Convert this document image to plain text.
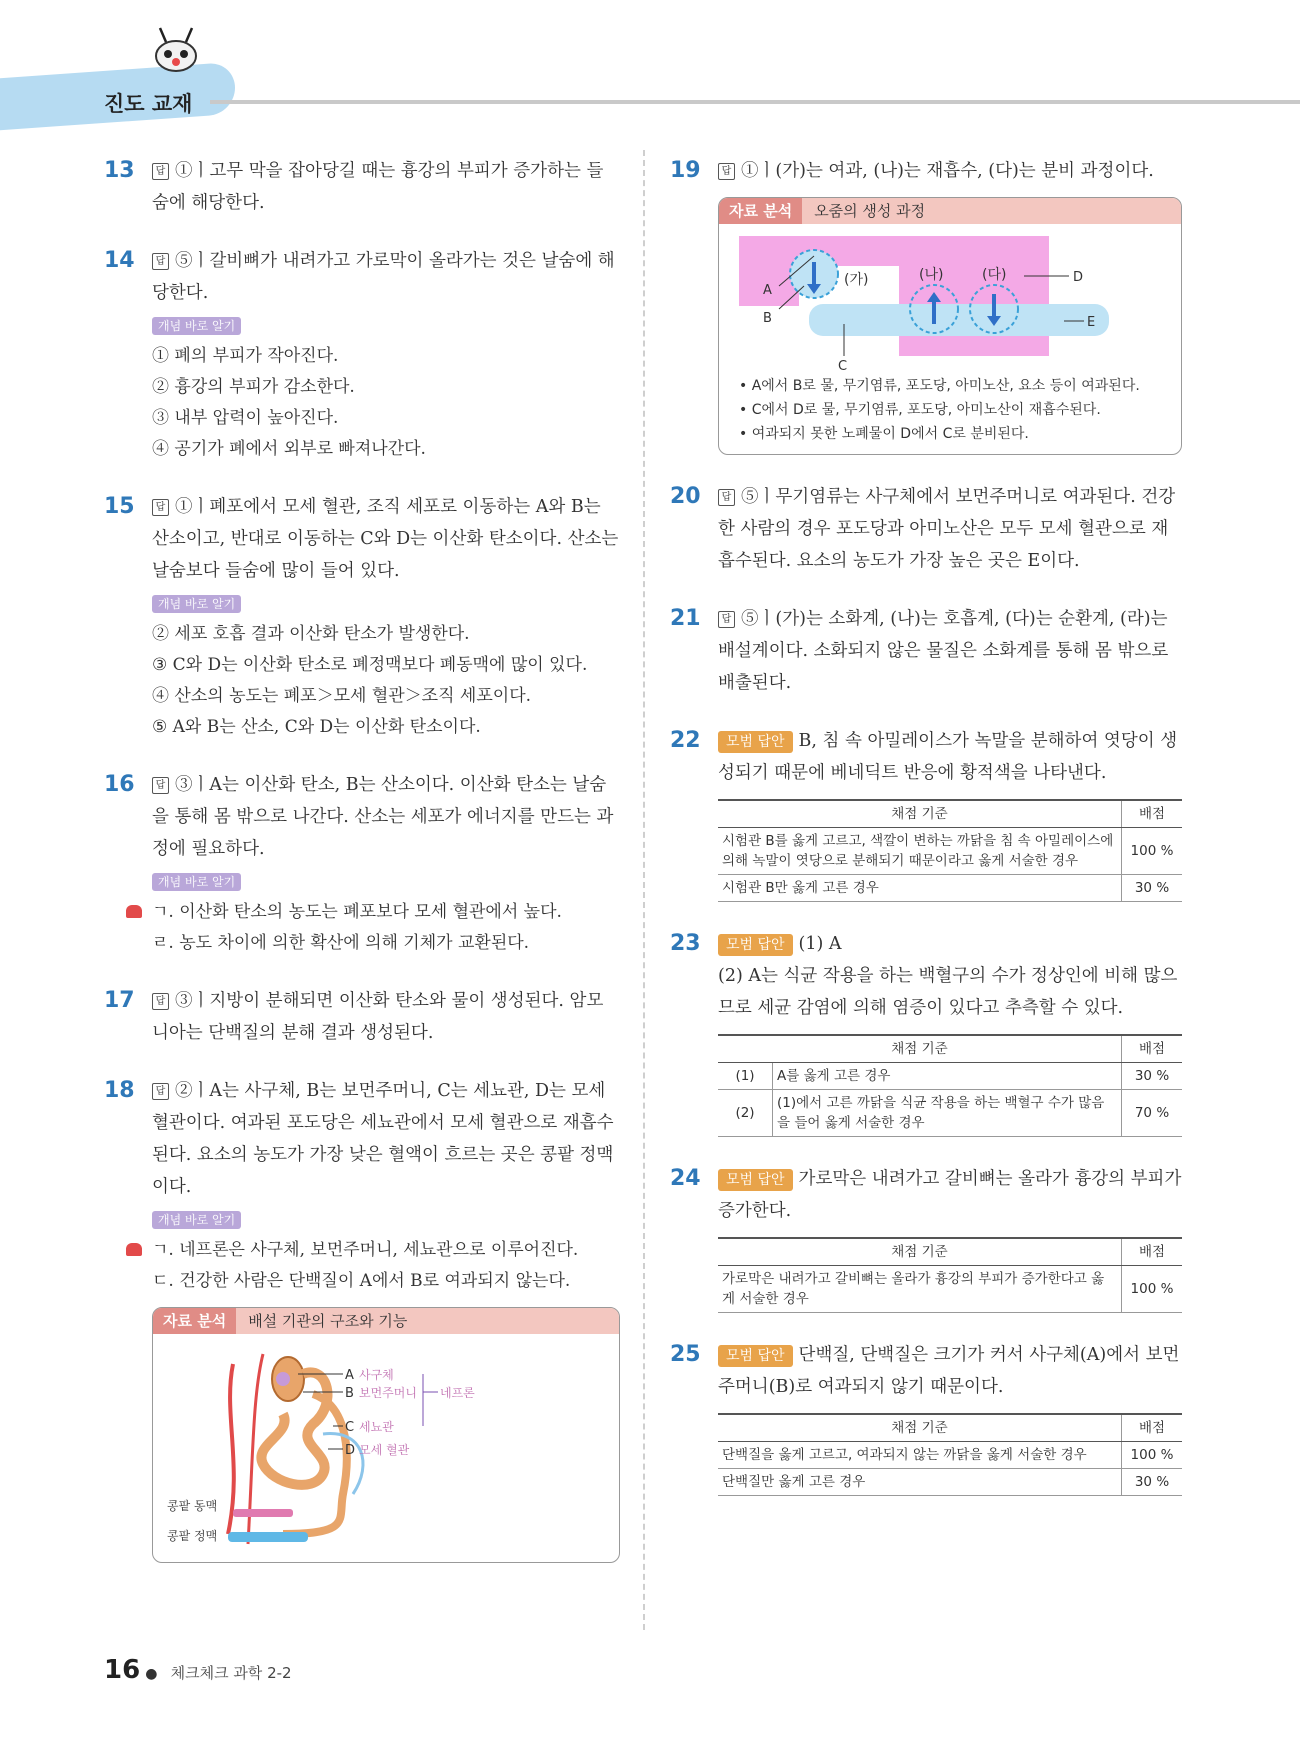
진도 교재
13 답 ①ㅣ고무 막을 잡아당길 때는 흉강의 부피가 증가하는 들숨에 해당한다.
14 답 ⑤ㅣ갈비뼈가 내려가고 가로막이 올라가는 것은 날숨에 해당한다.
개념 바로 알기
① 폐의 부피가 작아진다.
② 흉강의 부피가 감소한다.
③ 내부 압력이 높아진다.
④ 공기가 폐에서 외부로 빠져나간다.
15 답 ①ㅣ폐포에서 모세 혈관, 조직 세포로 이동하는 A와 B는 산소이고, 반대로 이동하는 C와 D는 이산화 탄소이다. 산소는 날숨보다 들숨에 많이 들어 있다.
개념 바로 알기
② 세포 호흡 결과 이산화 탄소가 발생한다.
③ C와 D는 이산화 탄소로 폐정맥보다 폐동맥에 많이 있다.
④ 산소의 농도는 폐포＞모세 혈관＞조직 세포이다.
⑤ A와 B는 산소, C와 D는 이산화 탄소이다.
16 답 ③ㅣA는 이산화 탄소, B는 산소이다. 이산화 탄소는 날숨을 통해 몸 밖으로 나간다. 산소는 세포가 에너지를 만드는 과정에 필요하다.
개념 바로 알기
ㄱ. 이산화 탄소의 농도는 폐포보다 모세 혈관에서 높다.
ㄹ. 농도 차이에 의한 확산에 의해 기체가 교환된다.
17 답 ③ㅣ지방이 분해되면 이산화 탄소와 물이 생성된다. 암모니아는 단백질의 분해 결과 생성된다.
18 답 ②ㅣA는 사구체, B는 보먼주머니, C는 세뇨관, D는 모세 혈관이다. 여과된 포도당은 세뇨관에서 모세 혈관으로 재흡수된다. 요소의 농도가 가장 낮은 혈액이 흐르는 곳은 콩팥 정맥이다.
개념 바로 알기
ㄱ. 네프론은 사구체, 보먼주머니, 세뇨관으로 이루어진다.
ㄷ. 건강한 사람은 단백질이 A에서 B로 여과되지 않는다.
자료 분석	배설 기관의 구조와 기능
A 사구체
B 보먼주머니
C 세뇨관
D 모세 혈관
네프론
콩팥 동맥
콩팥 정맥
19 답 ①ㅣ(가)는 여과, (나)는 재흡수, (다)는 분비 과정이다.
자료 분석	오줌의 생성 과정
(가)	(나)	(다)
A
B
C
D
E
• A에서 B로 물, 무기염류, 포도당, 아미노산, 요소 등이 여과된다.
• C에서 D로 물, 무기염류, 포도당, 아미노산이 재흡수된다.
• 여과되지 못한 노폐물이 D에서 C로 분비된다.
20 답 ⑤ㅣ무기염류는 사구체에서 보먼주머니로 여과된다. 건강한 사람의 경우 포도당과 아미노산은 모두 모세 혈관으로 재흡수된다. 요소의 농도가 가장 높은 곳은 E이다.
21 답 ⑤ㅣ(가)는 소화계, (나)는 호흡계, (다)는 순환계, (라)는 배설계이다. 소화되지 않은 물질은 소화계를 통해 몸 밖으로 배출된다.
22 모범 답안 B, 침 속 아밀레이스가 녹말을 분해하여 엿당이 생성되기 때문에 베네딕트 반응에 황적색을 나타낸다.
채점 기준	배점
시험관 B를 옳게 고르고, 색깔이 변하는 까닭을 침 속 아밀레이스에 의해 녹말이 엿당으로 분해되기 때문이라고 옳게 서술한 경우	100 %
시험관 B만 옳게 고른 경우	30 %
23 모범 답안 (1) A
(2) A는 식균 작용을 하는 백혈구의 수가 정상인에 비해 많으므로 세균 감염에 의해 염증이 있다고 추측할 수 있다.
채점 기준		배점
(1)	A를 옳게 고른 경우	30 %
(2)	(1)에서 고른 까닭을 식균 작용을 하는 백혈구 수가 많음을 들어 옳게 서술한 경우	70 %
24 모범 답안 가로막은 내려가고 갈비뼈는 올라가 흉강의 부피가 증가한다.
채점 기준	배점
가로막은 내려가고 갈비뼈는 올라가 흉강의 부피가 증가한다고 옳게 서술한 경우	100 %
25 모범 답안 단백질, 단백질은 크기가 커서 사구체(A)에서 보먼주머니(B)로 여과되지 않기 때문이다.
채점 기준	배점
단백질을 옳게 고르고, 여과되지 않는 까닭을 옳게 서술한 경우	100 %
단백질만 옳게 고른 경우	30 %
16 ● 체크체크 과학 2-2
